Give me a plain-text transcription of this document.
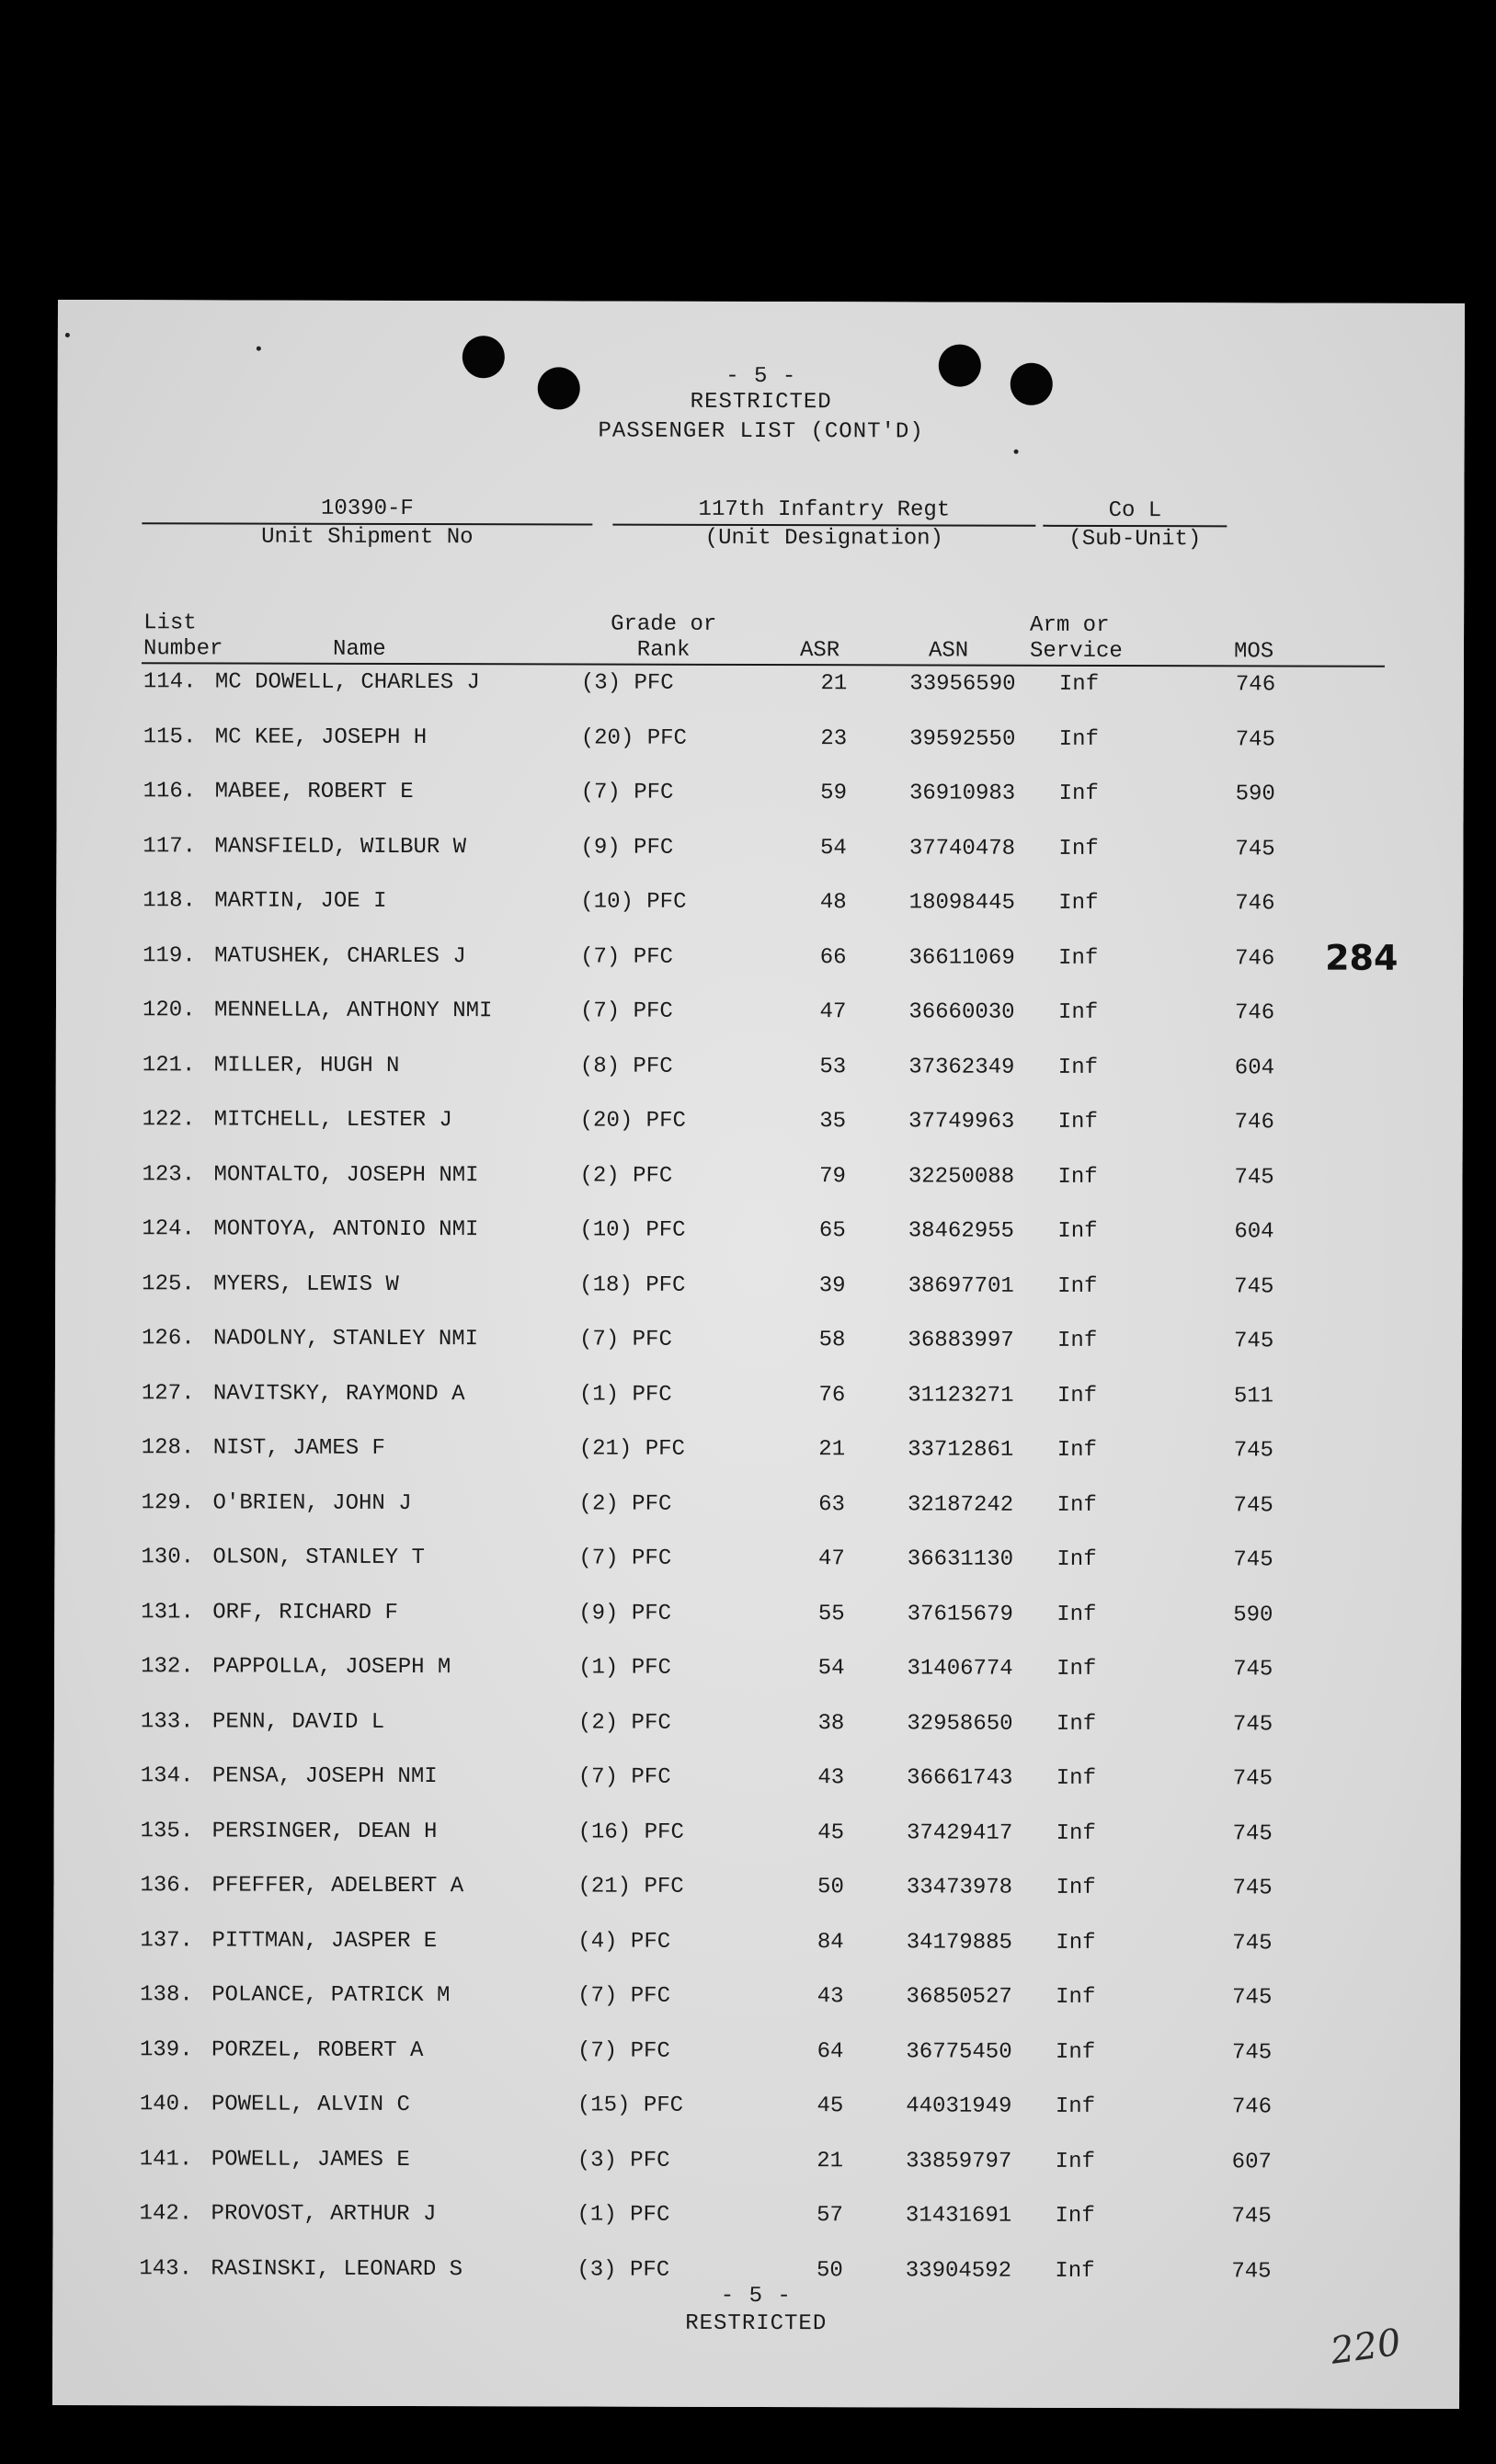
- 5 -
RESTRICTED
PASSENGER LIST (CONT'D)
10390-F
Unit Shipment No
117th Infantry Regt
(Unit Designation)
Co L
(Sub-Unit)
List
Number	Name
Grade or
Rank	ASR	ASN
Arm or
Service	MOS
114. MC DOWELL, CHARLES J	(3) PFC	21	33956590	Inf	746
115. MC KEE, JOSEPH H	(20) PFC	23	39592550	Inf	745
116. MABEE, ROBERT E	(7) PFC	59	36910983	Inf	590
117. MANSFIELD, WILBUR W	(9) PFC	54	37740478	Inf	745
118. MARTIN, JOE I	(10) PFC	48	18098445	Inf	746
119. MATUSHEK, CHARLES J	(7) PFC	66	36611069	Inf	746
120. MENNELLA, ANTHONY NMI	(7) PFC	47	36660030	Inf	746
121. MILLER, HUGH N	(8) PFC	53	37362349	Inf	604
122. MITCHELL, LESTER J	(20) PFC	35	37749963	Inf	746
123. MONTALTO, JOSEPH NMI	(2) PFC	79	32250088	Inf	745
124. MONTOYA, ANTONIO NMI	(10) PFC	65	38462955	Inf	604
125. MYERS, LEWIS W	(18) PFC	39	38697701	Inf	745
126. NADOLNY, STANLEY NMI	(7) PFC	58	36883997	Inf	745
127. NAVITSKY, RAYMOND A	(1) PFC	76	31123271	Inf	511
128. NIST, JAMES F	(21) PFC	21	33712861	Inf	745
129. O'BRIEN, JOHN J	(2) PFC	63	32187242	Inf	745
130. OLSON, STANLEY T	(7) PFC	47	36631130	Inf	745
131. ORF, RICHARD F	(9) PFC	55	37615679	Inf	590
132. PAPPOLLA, JOSEPH M	(1) PFC	54	31406774	Inf	745
133. PENN, DAVID L	(2) PFC	38	32958650	Inf	745
134. PENSA, JOSEPH NMI	(7) PFC	43	36661743	Inf	745
135. PERSINGER, DEAN H	(16) PFC	45	37429417	Inf	745
136. PFEFFER, ADELBERT A	(21) PFC	50	33473978	Inf	745
137. PITTMAN, JASPER E	(4) PFC	84	34179885	Inf	745
138. POLANCE, PATRICK M	(7) PFC	43	36850527	Inf	745
139. PORZEL, ROBERT A	(7) PFC	64	36775450	Inf	745
140. POWELL, ALVIN C	(15) PFC	45	44031949	Inf	746
141. POWELL, JAMES E	(3) PFC	21	33859797	Inf	607
142. PROVOST, ARTHUR J	(1) PFC	57	31431691	Inf	745
143. RASINSKI, LEONARD S	(3) PFC	50	33904592	Inf	745
284
- 5 -
RESTRICTED	220
